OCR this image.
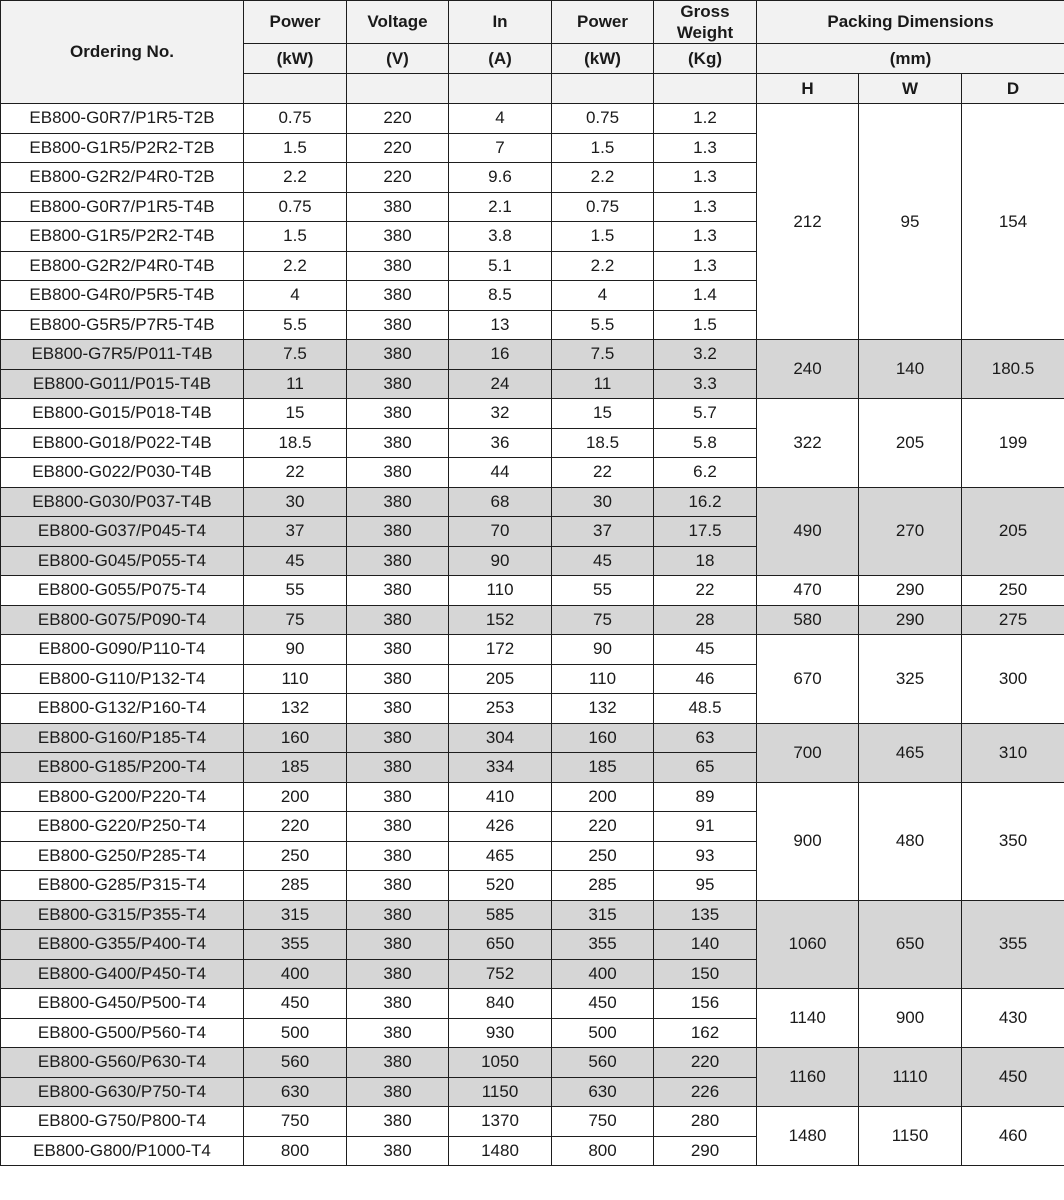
Ordering No.	Power	Voltage	In	Power	Gross Weight	Packing Dimensions		
	(kW)	(V)	(A)	(kW)	(Kg)	(mm)		
						H	W	D
EB800-G0R7/P1R5-T2B	0.75	220	4	0.75	1.2	212	95	154
EB800-G1R5/P2R2-T2B	1.5	220	7	1.5	1.3			
EB800-G2R2/P4R0-T2B	2.2	220	9.6	2.2	1.3			
EB800-G0R7/P1R5-T4B	0.75	380	2.1	0.75	1.3			
EB800-G1R5/P2R2-T4B	1.5	380	3.8	1.5	1.3			
EB800-G2R2/P4R0-T4B	2.2	380	5.1	2.2	1.3			
EB800-G4R0/P5R5-T4B	4	380	8.5	4	1.4			
EB800-G5R5/P7R5-T4B	5.5	380	13	5.5	1.5			
EB800-G7R5/P011-T4B	7.5	380	16	7.5	3.2	240	140	180.5
EB800-G011/P015-T4B	11	380	24	11	3.3			
EB800-G015/P018-T4B	15	380	32	15	5.7	322	205	199
EB800-G018/P022-T4B	18.5	380	36	18.5	5.8			
EB800-G022/P030-T4B	22	380	44	22	6.2			
EB800-G030/P037-T4B	30	380	68	30	16.2	490	270	205
EB800-G037/P045-T4	37	380	70	37	17.5			
EB800-G045/P055-T4	45	380	90	45	18			
EB800-G055/P075-T4	55	380	110	55	22	470	290	250
EB800-G075/P090-T4	75	380	152	75	28	580	290	275
EB800-G090/P110-T4	90	380	172	90	45	670	325	300
EB800-G110/P132-T4	110	380	205	110	46			
EB800-G132/P160-T4	132	380	253	132	48.5			
EB800-G160/P185-T4	160	380	304	160	63	700	465	310
EB800-G185/P200-T4	185	380	334	185	65			
EB800-G200/P220-T4	200	380	410	200	89	900	480	350
EB800-G220/P250-T4	220	380	426	220	91			
EB800-G250/P285-T4	250	380	465	250	93			
EB800-G285/P315-T4	285	380	520	285	95			
EB800-G315/P355-T4	315	380	585	315	135	1060	650	355
EB800-G355/P400-T4	355	380	650	355	140			
EB800-G400/P450-T4	400	380	752	400	150			
EB800-G450/P500-T4	450	380	840	450	156	1140	900	430
EB800-G500/P560-T4	500	380	930	500	162			
EB800-G560/P630-T4	560	380	1050	560	220	1160	1110	450
EB800-G630/P750-T4	630	380	1150	630	226			
EB800-G750/P800-T4	750	380	1370	750	280	1480	1150	460
EB800-G800/P1000-T4	800	380	1480	800	290			
